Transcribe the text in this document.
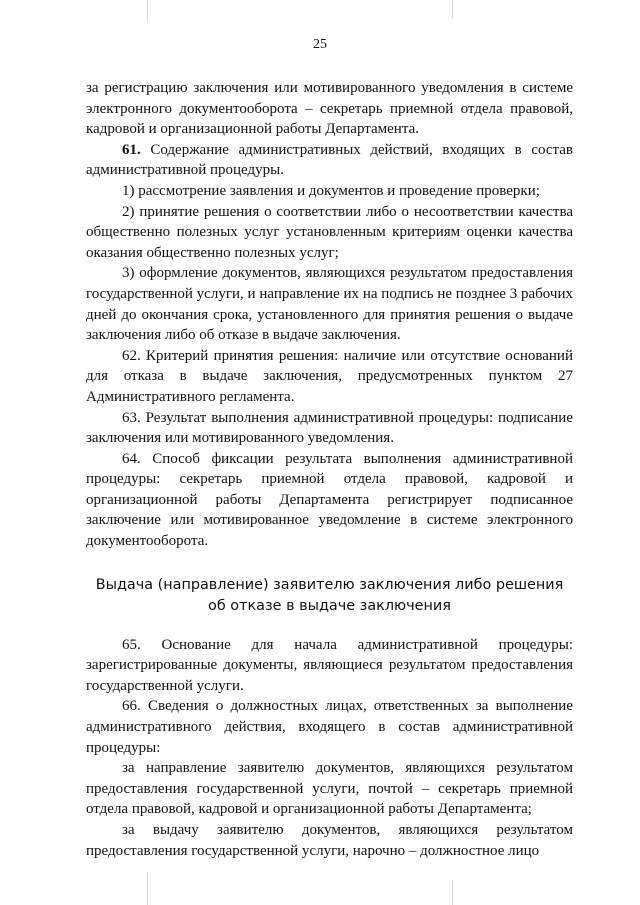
25

за регистрацию заключения или мотивированного уведомления в системе электронного документооборота – секретарь приемной отдела правовой, кадровой и организационной работы Департамента.

61. Содержание административных действий, входящих в состав административной процедуры.

1) рассмотрение заявления и документов и проведение проверки;

2) принятие решения о соответствии либо о несоответствии качества общественно полезных услуг установленным критериям оценки качества оказания общественно полезных услуг;

3) оформление документов, являющихся результатом предоставления государственной услуги, и направление их на подпись не позднее 3 рабочих дней до окончания срока, установленного для принятия решения о выдаче заключения либо об отказе в выдаче заключения.

62. Критерий принятия решения: наличие или отсутствие оснований для отказа в выдаче заключения, предусмотренных пунктом 27 Административного регламента.

63. Результат выполнения административной процедуры: подписание заключения или мотивированного уведомления.

64. Способ фиксации результата выполнения административной процедуры: секретарь приемной отдела правовой, кадровой и организационной работы Департамента регистрирует подписанное заключение или мотивированное уведомление в системе электронного документооборота.

Выдача (направление) заявителю заключения либо решения об отказе в выдаче заключения

65. Основание для начала административной процедуры: зарегистрированные документы, являющиеся результатом предоставления государственной услуги.

66. Сведения о должностных лицах, ответственных за выполнение административного действия, входящего в состав административной процедуры:

за направление заявителю документов, являющихся результатом предоставления государственной услуги, почтой – секретарь приемной отдела правовой, кадровой и организационной работы Департамента;

за выдачу заявителю документов, являющихся результатом предоставления государственной услуги, нарочно – должностное лицо
